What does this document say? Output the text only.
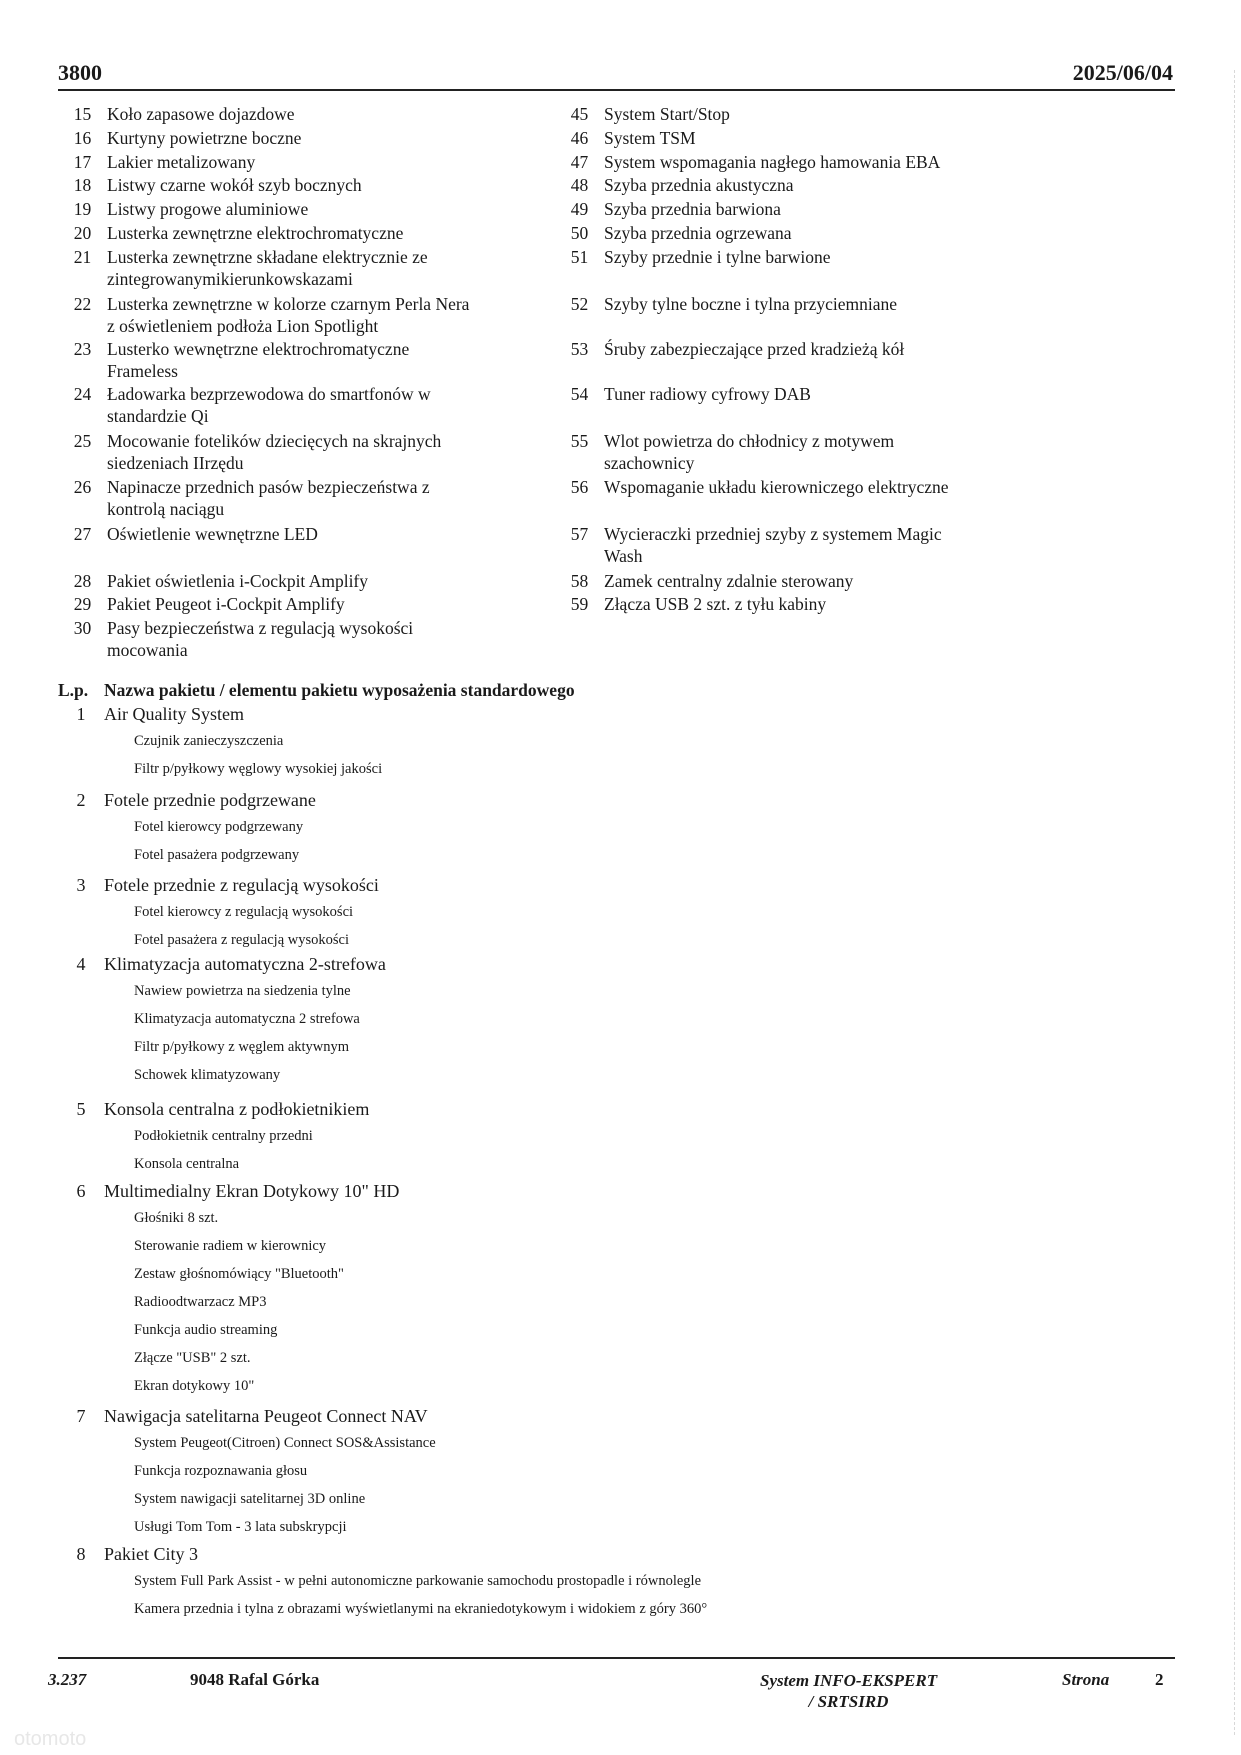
3800	2025/06/04
15 Koło zapasowe dojazdowe
16 Kurtyny powietrzne boczne
17 Lakier metalizowany
18 Listwy czarne wokół szyb bocznych
19 Listwy progowe aluminiowe
20 Lusterka zewnętrzne elektrochromatyczne
21 Lusterka zewnętrzne składane elektrycznie ze
zintegrowanymikierunkowskazami
22 Lusterka zewnętrzne w kolorze czarnym Perla Nera
z oświetleniem podłoża Lion Spotlight
23 Lusterko wewnętrzne elektrochromatyczne
Frameless
24 Ładowarka bezprzewodowa do smartfonów w
standardzie Qi
25 Mocowanie fotelików dziecięcych na skrajnych
siedzeniach IIrzędu
26 Napinacze przednich pasów bezpieczeństwa z
kontrolą naciągu
27 Oświetlenie wewnętrzne LED
28 Pakiet oświetlenia i-Cockpit Amplify
29 Pakiet Peugeot i-Cockpit Amplify
30 Pasy bezpieczeństwa z regulacją wysokości
mocowania
45 System Start/Stop
46 System TSM
47 System wspomagania nagłego hamowania EBA
48 Szyba przednia akustyczna
49 Szyba przednia barwiona
50 Szyba przednia ogrzewana
51 Szyby przednie i tylne barwione
52 Szyby tylne boczne i tylna przyciemniane
53 Śruby zabezpieczające przed kradzieżą kół
54 Tuner radiowy cyfrowy DAB
55 Wlot powietrza do chłodnicy z motywem
szachownicy
56 Wspomaganie układu kierowniczego elektryczne
57 Wycieraczki przedniej szyby z systemem Magic
Wash
58 Zamek centralny zdalnie sterowany
59 Złącza USB 2 szt. z tyłu kabiny
L.p. Nazwa pakietu / elementu pakietu wyposażenia standardowego
1	Air Quality System
Czujnik zanieczyszczenia
Filtr p/pyłkowy węglowy wysokiej jakości
2	Fotele przednie podgrzewane
Fotel kierowcy podgrzewany
Fotel pasażera podgrzewany
3	Fotele przednie z regulacją wysokości
Fotel kierowcy z regulacją wysokości
Fotel pasażera z regulacją wysokości
4	Klimatyzacja automatyczna 2-strefowa
Nawiew powietrza na siedzenia tylne
Klimatyzacja automatyczna 2 strefowa
Filtr p/pyłkowy z węglem aktywnym
Schowek klimatyzowany
5	Konsola centralna z podłokietnikiem
Podłokietnik centralny przedni
Konsola centralna
6	Multimedialny Ekran Dotykowy 10" HD
Głośniki 8 szt.
Sterowanie radiem w kierownicy
Zestaw głośnomówiący "Bluetooth"
Radioodtwarzacz MP3
Funkcja audio streaming
Złącze "USB" 2 szt.
Ekran dotykowy 10"
7	Nawigacja satelitarna Peugeot Connect NAV
System Peugeot(Citroen) Connect SOS&Assistance
Funkcja rozpoznawania głosu
System nawigacji satelitarnej 3D online
Usługi Tom Tom - 3 lata subskrypcji
8	Pakiet City 3
System Full Park Assist - w pełni autonomiczne parkowanie samochodu prostopadle i równolegle
Kamera przednia i tylna z obrazami wyświetlanymi na ekraniedotykowym i widokiem z góry 360°
3.237	9048 Rafal Górka	System INFO-EKSPERT
/ SRTSIRD
Strona	2
otomoto
